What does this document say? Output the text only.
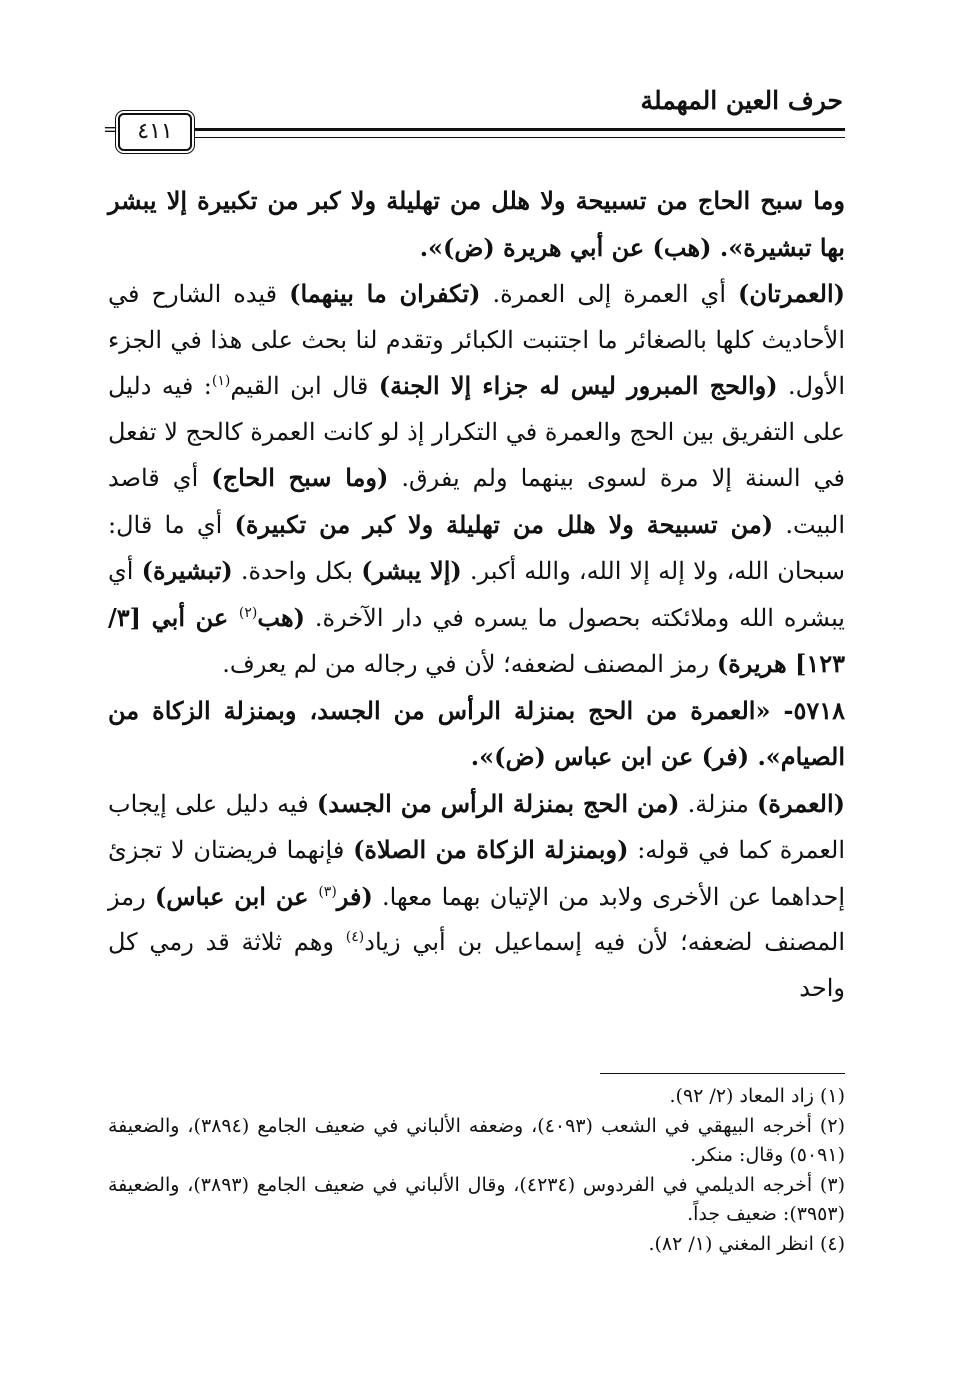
حرف العين المهملة
٤١١
=

وما سبح الحاج من تسبيحة ولا هلل من تهليلة ولا كبر من تكبيرة إلا يبشر بها تبشيرة». (هب) عن أبي هريرة (ض)».

(العمرتان) أي العمرة إلى العمرة. (تكفران ما بينهما) قيده الشارح في الأحاديث كلها بالصغائر ما اجتنبت الكبائر وتقدم لنا بحث على هذا في الجزء الأول. (والحج المبرور ليس له جزاء إلا الجنة) قال ابن القيم$^{(١)}$: فيه دليل على التفريق بين الحج والعمرة في التكرار إذ لو كانت العمرة كالحج لا تفعل في السنة إلا مرة لسوى بينهما ولم يفرق. (وما سبح الحاج) أي قاصد البيت. (من تسبيحة ولا هلل من تهليلة ولا كبر من تكبيرة) أي ما قال: سبحان الله، ولا إله إلا الله، والله أكبر. (إلا يبشر) بكل واحدة. (تبشيرة) أي يبشره الله وملائكته بحصول ما يسره في دار الآخرة. (هب$^{(٢)}$ عن أبي [٣/ ١٢٣] هريرة) رمز المصنف لضعفه؛ لأن في رجاله من لم يعرف.

٥٧١٨- «العمرة من الحج بمنزلة الرأس من الجسد، وبمنزلة الزكاة من الصيام». (فر) عن ابن عباس (ض)».

(العمرة) منزلة. (من الحج بمنزلة الرأس من الجسد) فيه دليل على إيجاب العمرة كما في قوله: (وبمنزلة الزكاة من الصلاة) فإنهما فريضتان لا تجزئ إحداهما عن الأخرى ولابد من الإتيان بهما معها. (فر$^{(٣)}$ عن ابن عباس) رمز المصنف لضعفه؛ لأن فيه إسماعيل بن أبي زياد$^{(٤)}$ وهم ثلاثة قد رمي كل واحد

(١) زاد المعاد (٢/ ٩٢).

(٢) أخرجه البيهقي في الشعب (٤٠٩٣)، وضعفه الألباني في ضعيف الجامع (٣٨٩٤)، والضعيفة (٥٠٩١) وقال: منكر.

(٣) أخرجه الديلمي في الفردوس (٤٢٣٤)، وقال الألباني في ضعيف الجامع (٣٨٩٣)، والضعيفة (٣٩٥٣): ضعيف جداً.

(٤) انظر المغني (١/ ٨٢).
